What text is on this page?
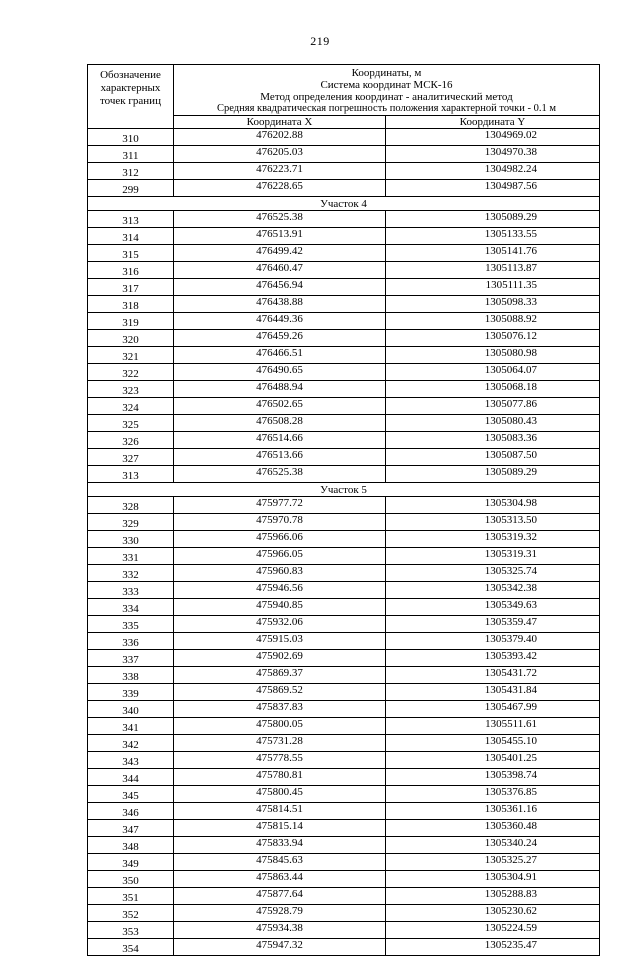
219
Обозначение характерных точек границ	Координаты, м
Система координат МСК-16
Метод определения координат - аналитический метод
Средняя квадратическая погрешность положения характерной точки - 0.1 м	

	Координата X	Координата Y
310	476202.88	1304969.02
311	476205.03	1304970.38
312	476223.71	1304982.24
299	476228.65	1304987.56
Участок 4		
313	476525.38	1305089.29
314	476513.91	1305133.55
315	476499.42	1305141.76
316	476460.47	1305113.87
317	476456.94	1305111.35
318	476438.88	1305098.33
319	476449.36	1305088.92
320	476459.26	1305076.12
321	476466.51	1305080.98
322	476490.65	1305064.07
323	476488.94	1305068.18
324	476502.65	1305077.86
325	476508.28	1305080.43
326	476514.66	1305083.36
327	476513.66	1305087.50
313	476525.38	1305089.29
Участок 5		
328	475977.72	1305304.98
329	475970.78	1305313.50
330	475966.06	1305319.32
331	475966.05	1305319.31
332	475960.83	1305325.74
333	475946.56	1305342.38
334	475940.85	1305349.63
335	475932.06	1305359.47
336	475915.03	1305379.40
337	475902.69	1305393.42
338	475869.37	1305431.72
339	475869.52	1305431.84
340	475837.83	1305467.99
341	475800.05	1305511.61
342	475731.28	1305455.10
343	475778.55	1305401.25
344	475780.81	1305398.74
345	475800.45	1305376.85
346	475814.51	1305361.16
347	475815.14	1305360.48
348	475833.94	1305340.24
349	475845.63	1305325.27
350	475863.44	1305304.91
351	475877.64	1305288.83
352	475928.79	1305230.62
353	475934.38	1305224.59
354	475947.32	1305235.47
